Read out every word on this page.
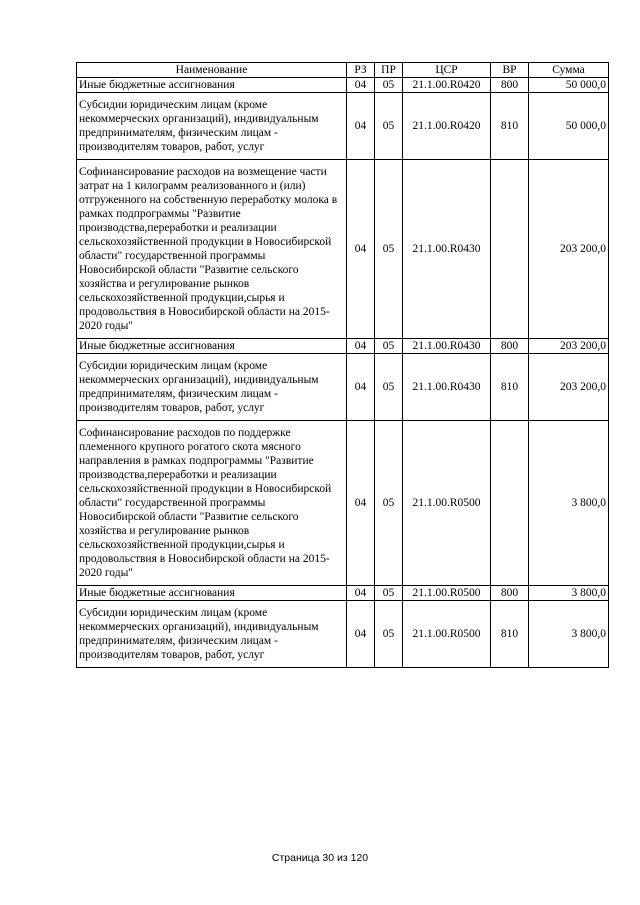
Наименование	РЗ	ПР	ЦСР	ВР	Сумма
Иные бюджетные ассигнования	04	05	21.1.00.R0420	800	50 000,0
Субсидии юридическим лицам (кроме некоммерческих организаций), индивидуальным предпринимателям, физическим лицам - производителям товаров, работ, услуг	04	05	21.1.00.R0420	810	50 000,0
Софинансирование расходов на возмещение части затрат на 1 килограмм реализованного и (или) отгруженного на собственную переработку молока в рамках подпрограммы "Развитие производства,переработки и реализации сельскохозяйственной продукции в Новосибирской области" государственной программы Новосибирской области "Развитие сельского хозяйства и регулирование рынков сельскохозяйственной продукции,сырья и продовольствия в Новосибирской области на 2015-2020 годы"	04	05	21.1.00.R0430		203 200,0
Иные бюджетные ассигнования	04	05	21.1.00.R0430	800	203 200,0
Субсидии юридическим лицам (кроме некоммерческих организаций), индивидуальным предпринимателям, физическим лицам - производителям товаров, работ, услуг	04	05	21.1.00.R0430	810	203 200,0
Софинансирование расходов по поддержке племенного крупного рогатого скота мясного направления в рамках подпрограммы "Развитие производства,переработки и реализации сельскохозяйственной продукции в Новосибирской области" государственной программы Новосибирской области "Развитие сельского хозяйства и регулирование рынков сельскохозяйственной продукции,сырья и продовольствия в Новосибирской области на 2015-2020 годы"	04	05	21.1.00.R0500		3 800,0
Иные бюджетные ассигнования	04	05	21.1.00.R0500	800	3 800,0
Субсидии юридическим лицам (кроме некоммерческих организаций), индивидуальным предпринимателям, физическим лицам - производителям товаров, работ, услуг	04	05	21.1.00.R0500	810	3 800,0
Страница 30 из 120
